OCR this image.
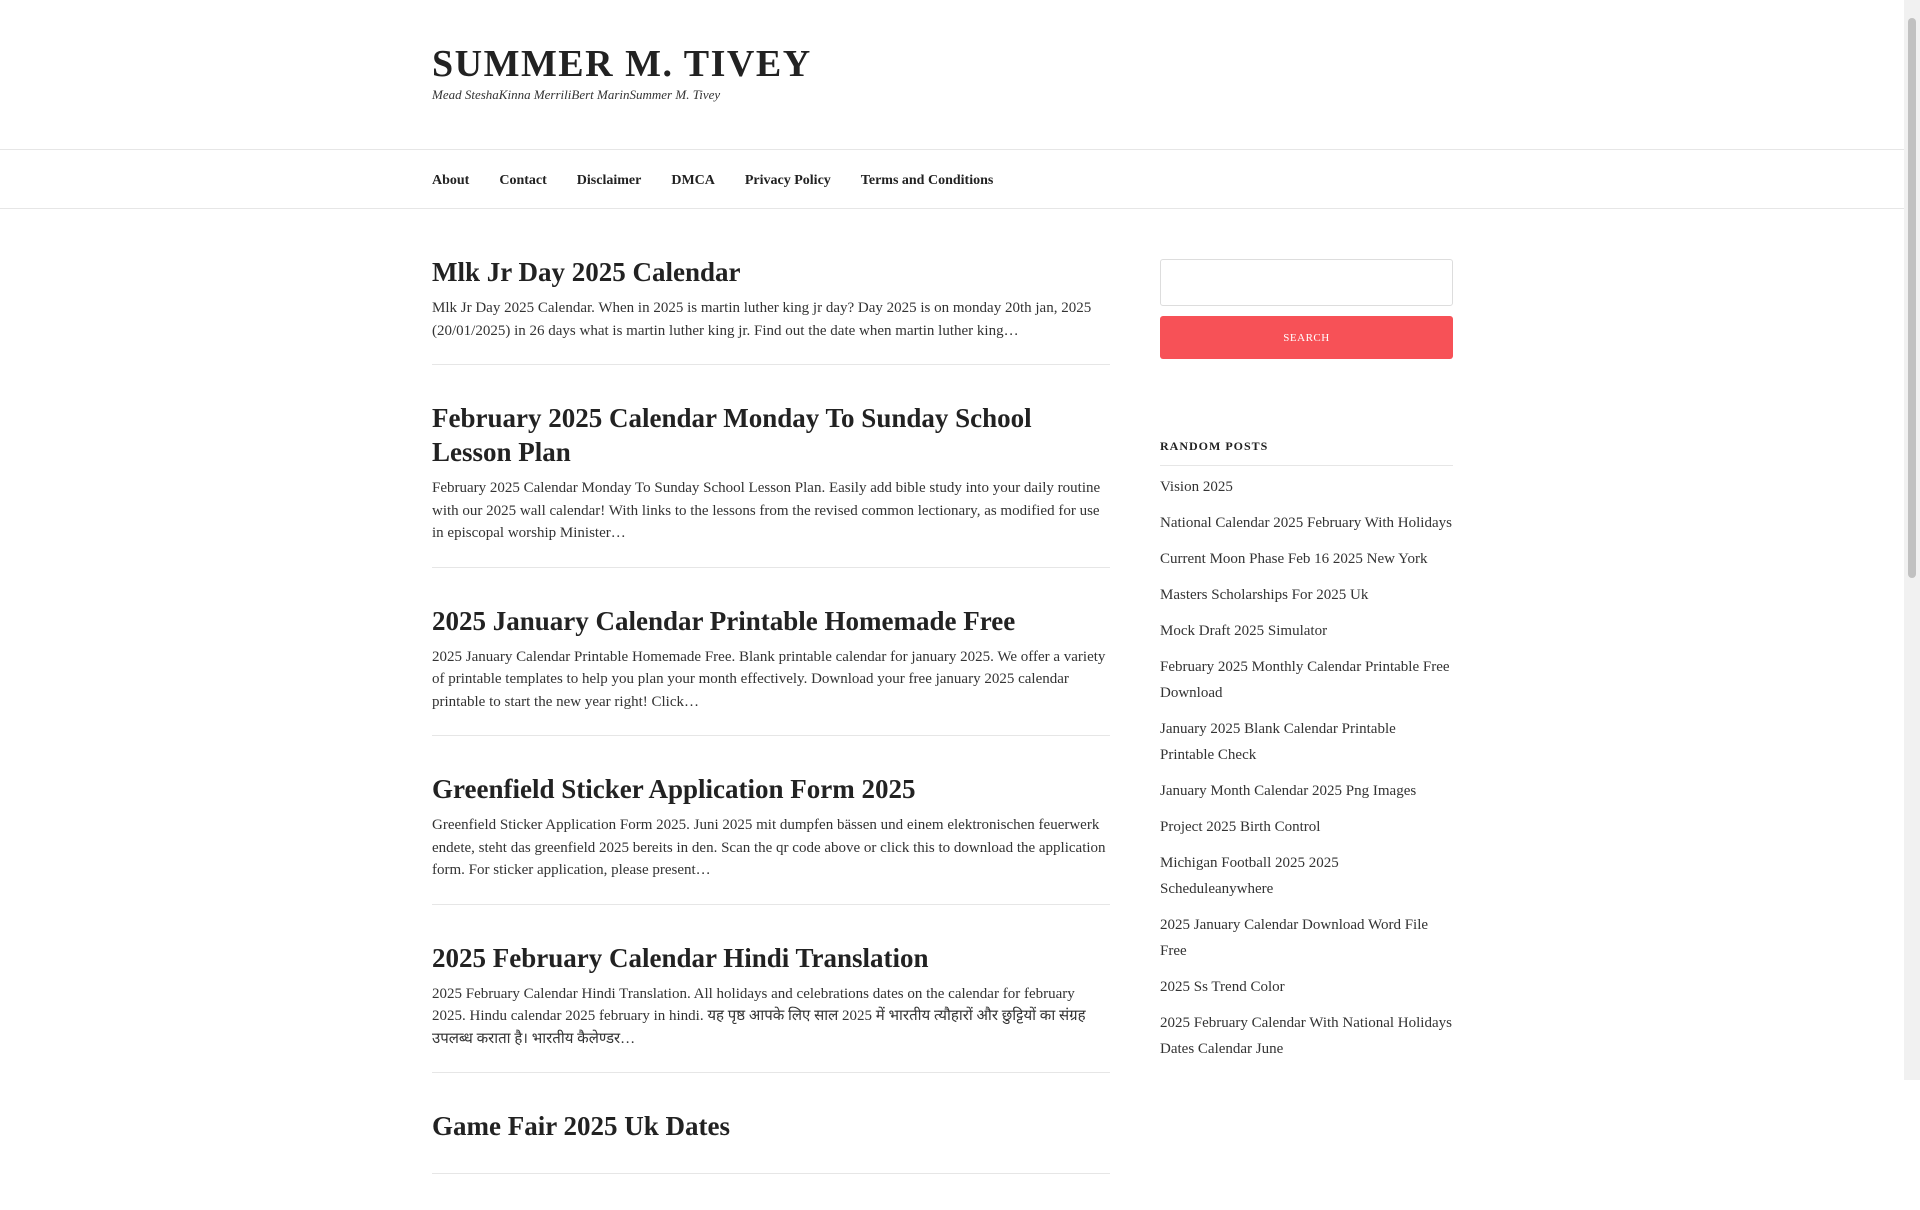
SUMMER M. TIVEY

Mead SteshaKinna MerriliBert MarinSummer M. Tivey

About Contact Disclaimer DMCA Privacy Policy Terms and Conditions
Mlk Jr Day 2025 Calendar

Mlk Jr Day 2025 Calendar. When in 2025 is martin luther king jr day? Day 2025 is on monday 20th jan, 2025 (20/01/2025) in 26 days what is martin luther king jr. Find out the date when martin luther king…

February 2025 Calendar Monday To Sunday School Lesson Plan

February 2025 Calendar Monday To Sunday School Lesson Plan. Easily add bible study into your daily routine with our 2025 wall calendar! With links to the lessons from the revised common lectionary, as modified for use in episcopal worship Minister…

2025 January Calendar Printable Homemade Free

2025 January Calendar Printable Homemade Free. Blank printable calendar for january 2025. We offer a variety of printable templates to help you plan your month effectively. Download your free january 2025 calendar printable to start the new year right! Click…

Greenfield Sticker Application Form 2025

Greenfield Sticker Application Form 2025. Juni 2025 mit dumpfen bässen und einem elektronischen feuerwerk endete, steht das greenfield 2025 bereits in den. Scan the qr code above or click this to download the application form. For sticker application, please present…

2025 February Calendar Hindi Translation

2025 February Calendar Hindi Translation. All holidays and celebrations dates on the calendar for february 2025. Hindu calendar 2025 february in hindi. यह पृष्ठ आपके लिए साल 2025 में भारतीय त्यौहारों और छुट्टियों का संग्रह उपलब्ध कराता है। भारतीय कैलेण्डर…

Game Fair 2025 Uk Dates

SEARCH
RANDOM POSTS
Vision 2025
National Calendar 2025 February With Holidays
Current Moon Phase Feb 16 2025 New York
Masters Scholarships For 2025 Uk
Mock Draft 2025 Simulator
February 2025 Monthly Calendar Printable Free Download
January 2025 Blank Calendar Printable Printable Check
January Month Calendar 2025 Png Images
Project 2025 Birth Control
Michigan Football 2025 2025 Scheduleanywhere
2025 January Calendar Download Word File Free
2025 Ss Trend Color
2025 February Calendar With National Holidays Dates Calendar June
